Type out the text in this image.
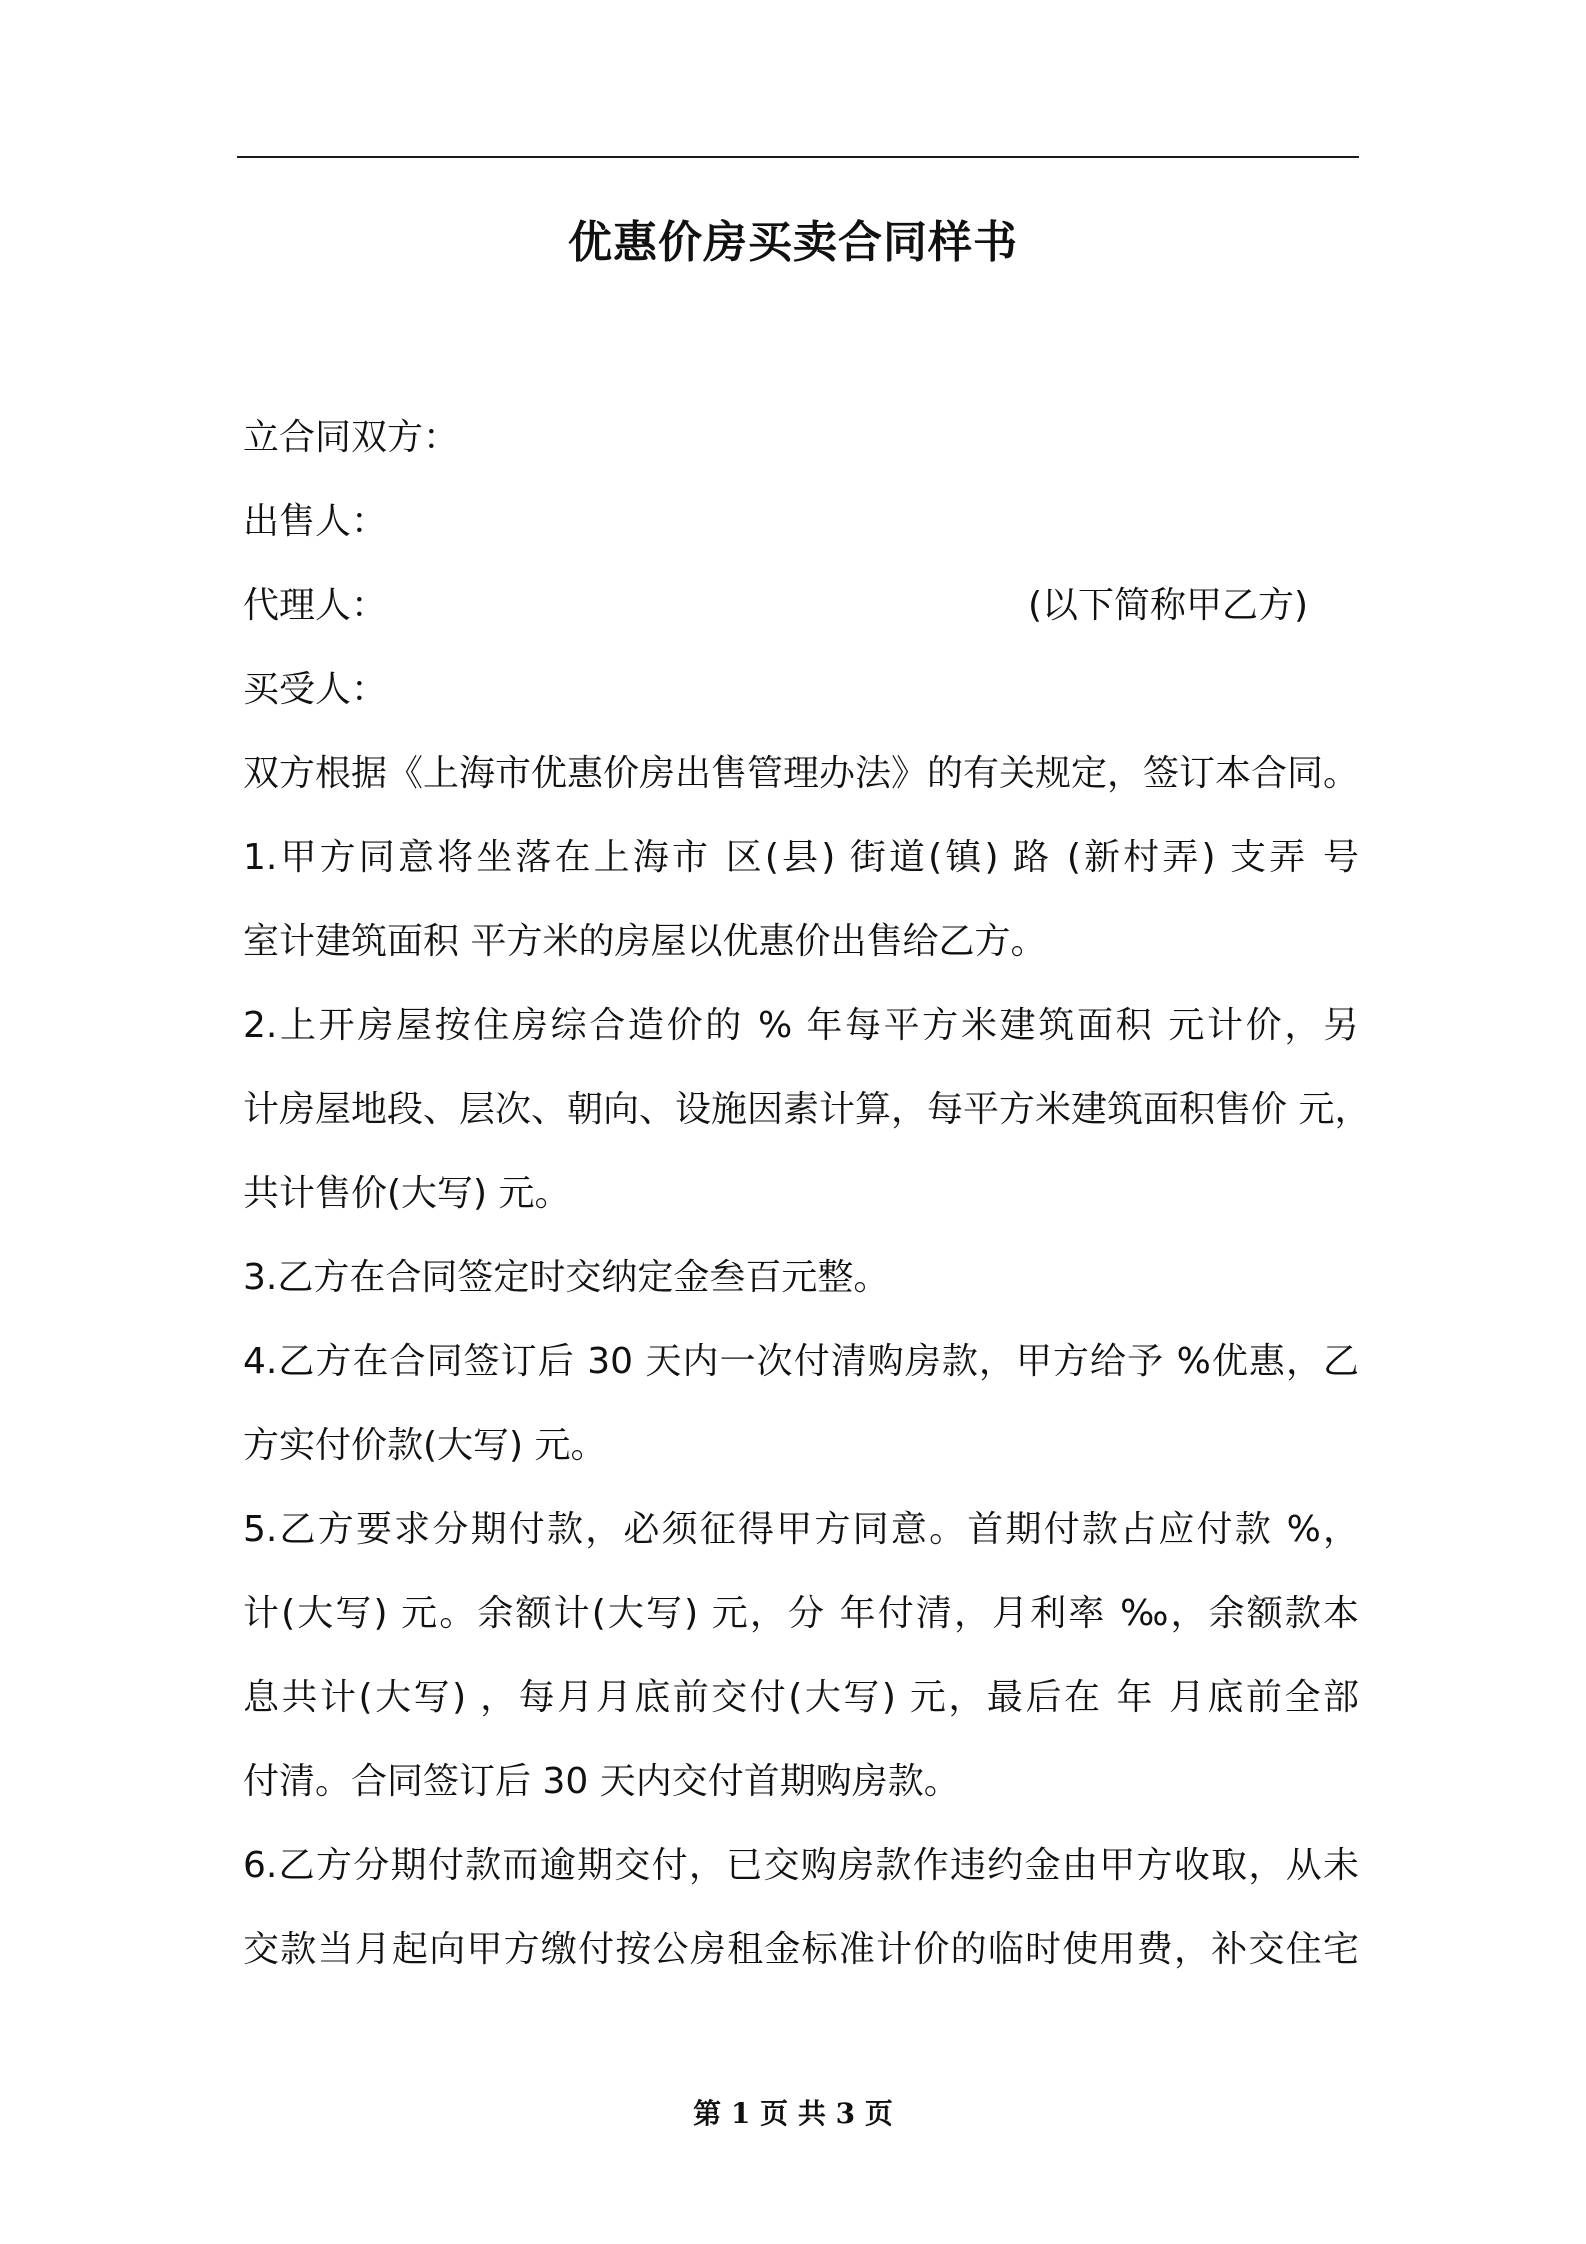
优惠价房买卖合同样书
立合同双方：
出售人：
代理人：	(以下简称甲乙方)
买受人：
双方根据《上海市优惠价房出售管理办法》的有关规定，签订本合同。
1.甲方同意将坐落在上海市 区(县) 街道(镇) 路 (新村弄) 支弄 号
室计建筑面积 平方米的房屋以优惠价出售给乙方。
2.上开房屋按住房综合造价的 % 年每平方米建筑面积 元计价，另
计房屋地段、层次、朝向、设施因素计算，每平方米建筑面积售价 元，
共计售价(大写) 元。
3.乙方在合同签定时交纳定金叁百元整。
4.乙方在合同签订后 30 天内一次付清购房款，甲方给予 %优惠，乙
方实付价款(大写) 元。
5.乙方要求分期付款，必须征得甲方同意。首期付款占应付款 %，
计(大写) 元。余额计(大写) 元，分 年付清，月利率 ‰，余额款本
息共计(大写) ，每月月底前交付(大写) 元，最后在 年 月底前全部
付清。合同签订后 30 天内交付首期购房款。
6.乙方分期付款而逾期交付，已交购房款作违约金由甲方收取，从未
交款当月起向甲方缴付按公房租金标准计价的临时使用费，补交住宅
第 1 页 共 3 页
